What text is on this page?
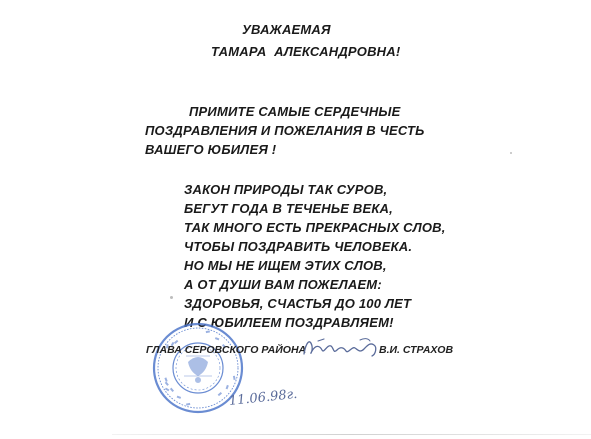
УВАЖАЕМАЯ
ТАМАРА  АЛЕКСАНДРОВНА!
ПРИМИТЕ САМЫЕ СЕРДЕЧНЫЕ
ПОЗДРАВЛЕНИЯ И ПОЖЕЛАНИЯ В ЧЕСТЬ
ВАШЕГО ЮБИЛЕЯ !
ЗАКОН ПРИРОДЫ ТАК СУРОВ,
БЕГУТ ГОДА В ТЕЧЕНЬЕ ВЕКА,
ТАК МНОГО ЕСТЬ ПРЕКРАСНЫХ СЛОВ,
ЧТОБЫ ПОЗДРАВИТЬ ЧЕЛОВЕКА.
НО МЫ НЕ ИЩЕМ ЭТИХ СЛОВ,
А ОТ ДУШИ ВАМ ПОЖЕЛАЕМ:
ЗДОРОВЬЯ, СЧАСТЬЯ ДО 100 ЛЕТ
И С ЮБИЛЕЕМ ПОЗДРАВЛЯЕМ!
ГЛАВА СЕРОВСКОГО РАЙОНА	В.И. СТРАХОВ
11.06.98г.
